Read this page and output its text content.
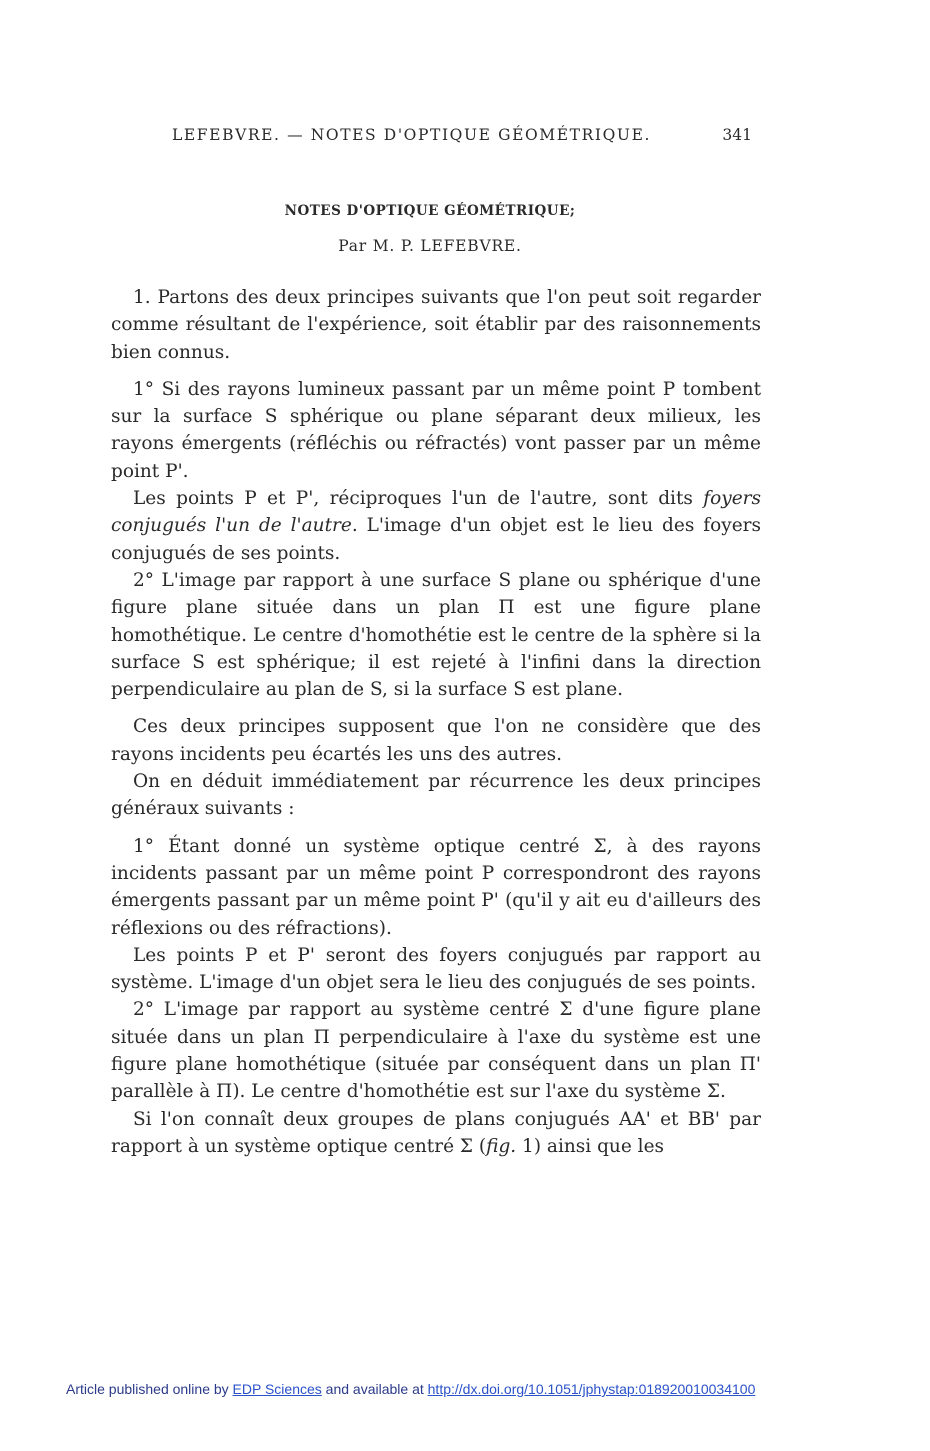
LEFEBVRE. — NOTES D'OPTIQUE GÉOMÉTRIQUE.	341
NOTES D'OPTIQUE GÉOMÉTRIQUE;
Par M. P. LEFEBVRE.

1. Partons des deux principes suivants que l'on peut soit regarder comme résultant de l'expérience, soit établir par des raisonnements bien connus.

1° Si des rayons lumineux passant par un même point P tombent sur la surface S sphérique ou plane séparant deux milieux, les rayons émergents (réfléchis ou réfractés) vont passer par un même point P'.

Les points P et P', réciproques l'un de l'autre, sont dits foyers conjugués l'un de l'autre. L'image d'un objet est le lieu des foyers conjugués de ses points.

2° L'image par rapport à une surface S plane ou sphérique d'une figure plane située dans un plan Π est une figure plane homothétique. Le centre d'homothétie est le centre de la sphère si la surface S est sphérique; il est rejeté à l'infini dans la direction perpendiculaire au plan de S, si la surface S est plane.

Ces deux principes supposent que l'on ne considère que des rayons incidents peu écartés les uns des autres.

On en déduit immédiatement par récurrence les deux principes généraux suivants :

1° Étant donné un système optique centré Σ, à des rayons incidents passant par un même point P correspondront des rayons émergents passant par un même point P' (qu'il y ait eu d'ailleurs des réflexions ou des réfractions).

Les points P et P' seront des foyers conjugués par rapport au système. L'image d'un objet sera le lieu des conjugués de ses points.

2° L'image par rapport au système centré Σ d'une figure plane située dans un plan Π perpendiculaire à l'axe du système est une figure plane homothétique (située par conséquent dans un plan Π' parallèle à Π). Le centre d'homothétie est sur l'axe du système Σ.

Si l'on connaît deux groupes de plans conjugués AA' et BB' par rapport à un système optique centré Σ (fig. 1) ainsi que les

Article published online by EDP Sciences and available at http://dx.doi.org/10.1051/jphystap:018920010034100
